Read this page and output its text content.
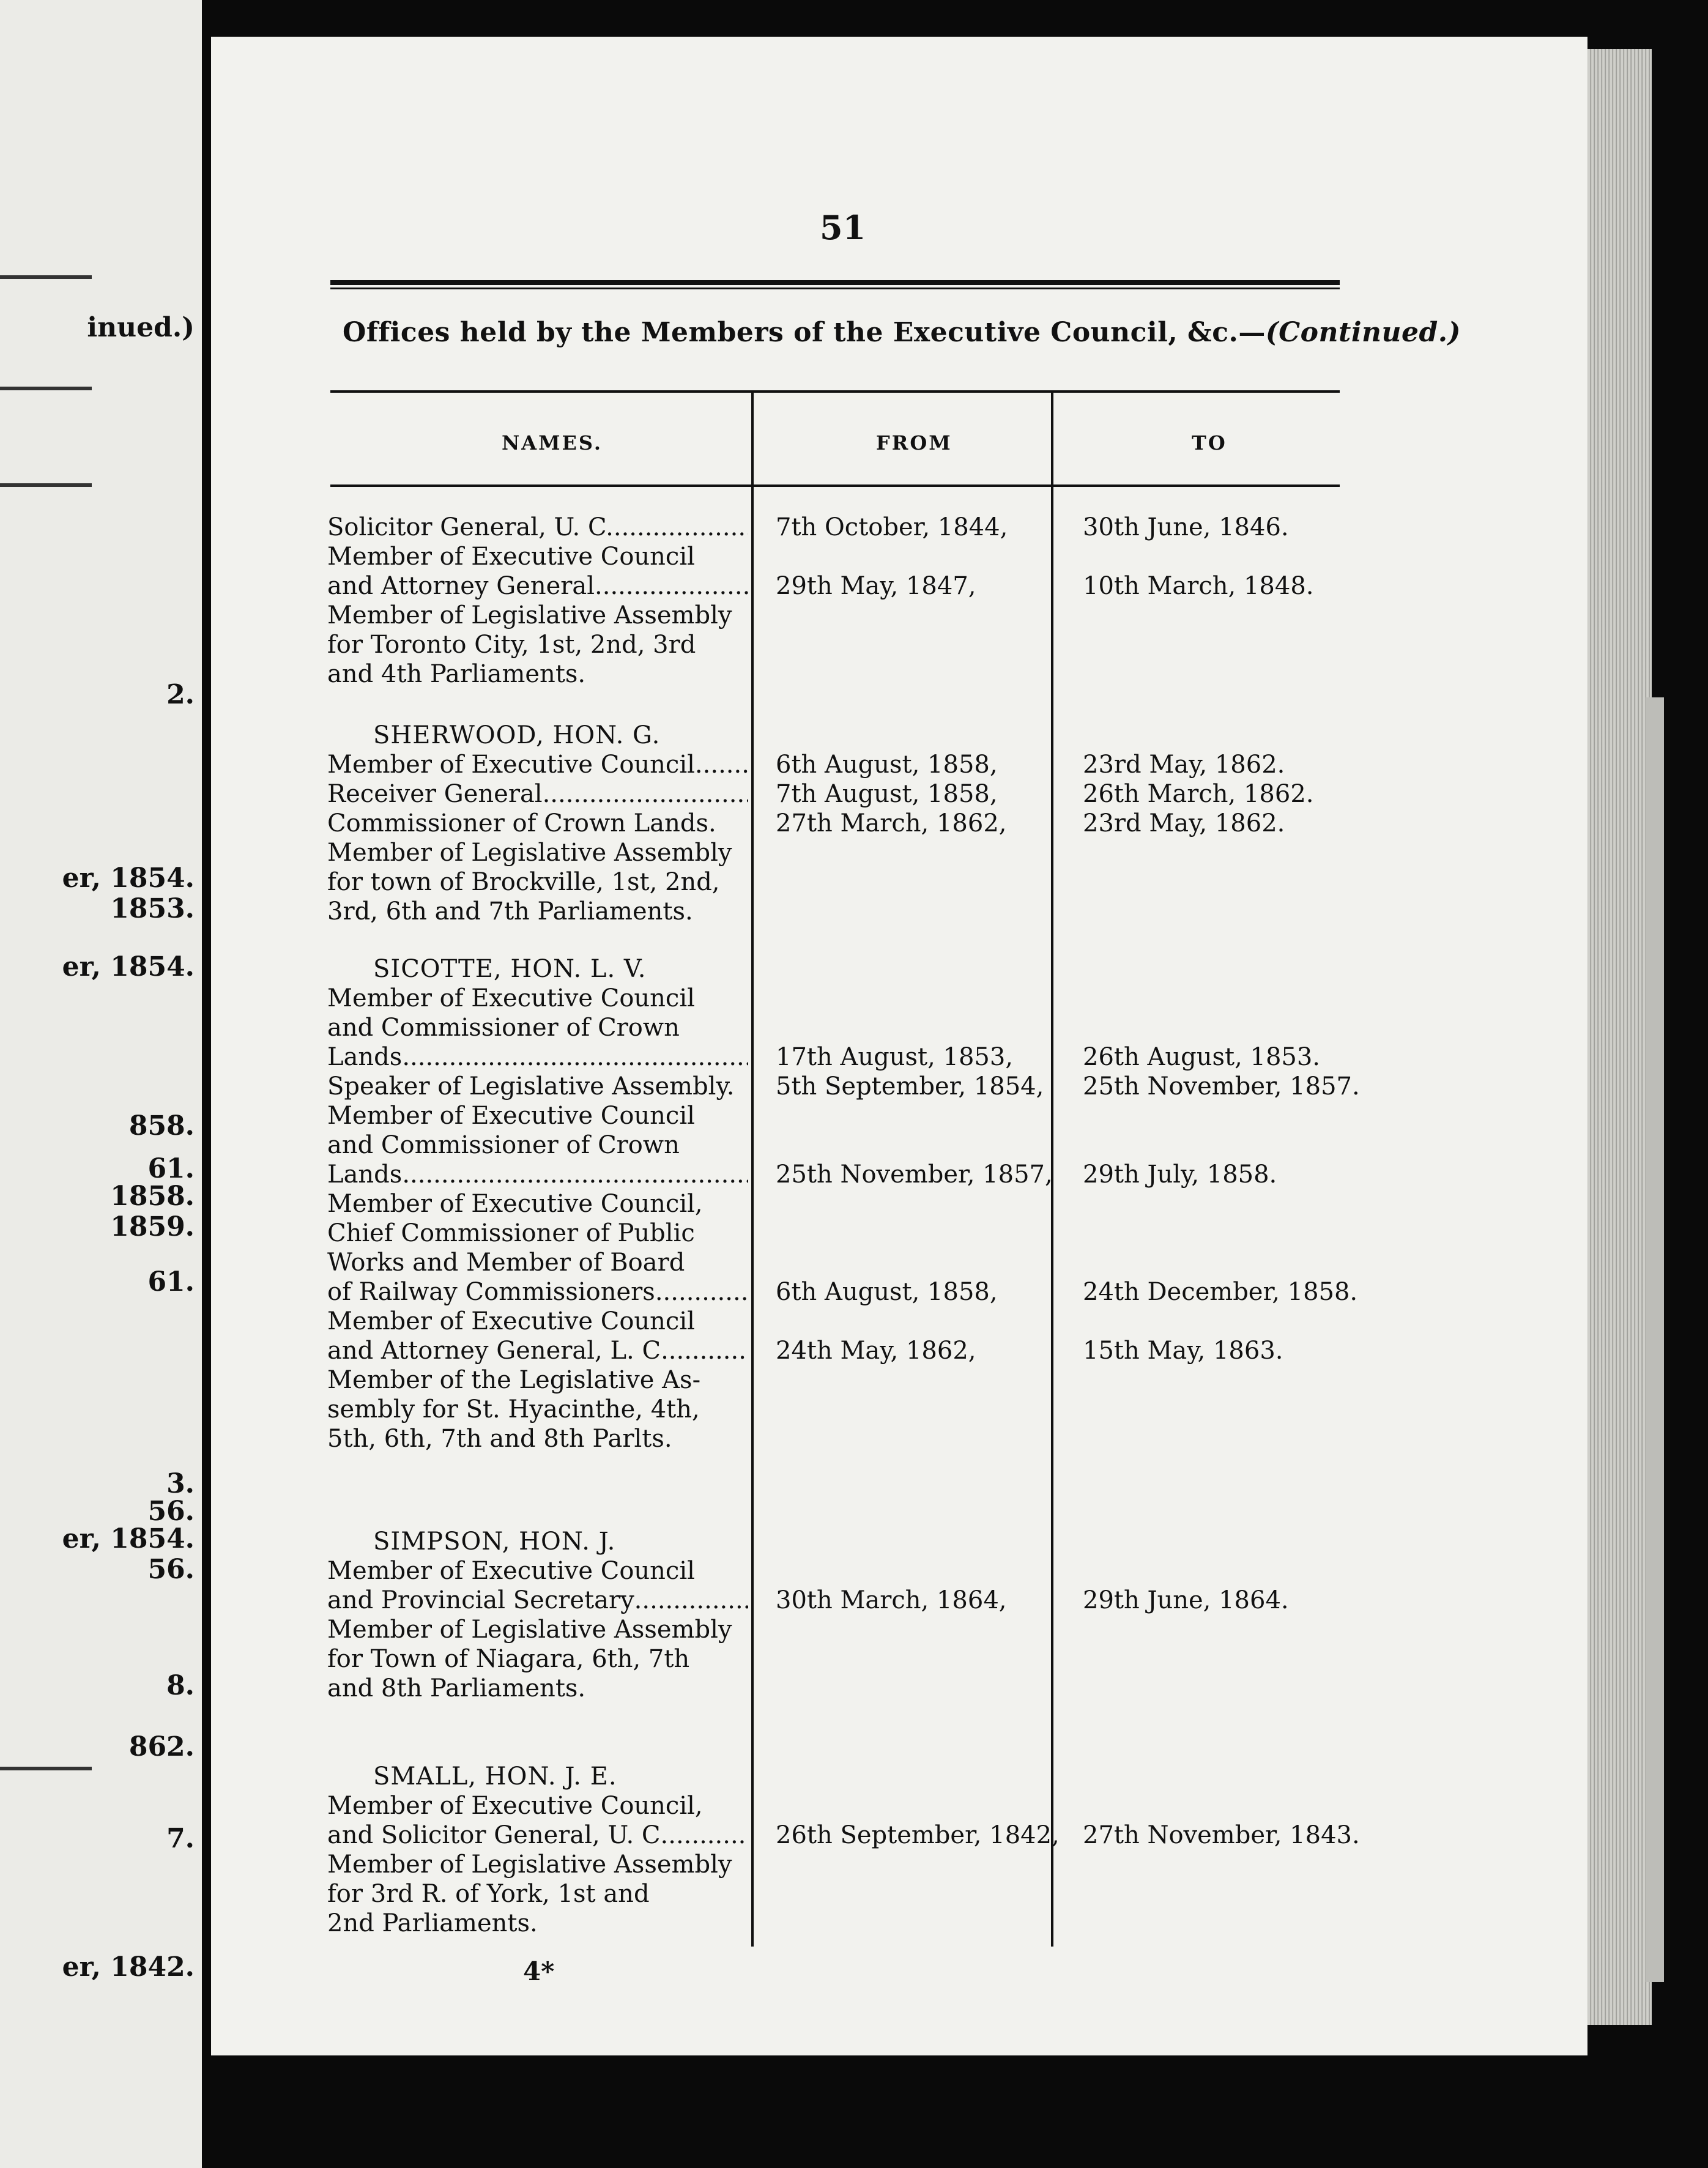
inued.)
2.
er, 1854.
1853.
er, 1854.
858.
61.
1858.
1859.
61.
3.
56.
er, 1854.
56.
8.
862.
7.
er, 1842.
51
Offices held by the Members of the Executive Council, &c.—(Continued.)
NAMES.	FROM	TO
Solicitor General, U. C. .....	7th October, 1844,	30th June, 1846.
Member of Executive Council
and Attorney General .....	29th May, 1847,	10th March, 1848.
Member of Legislative Assembly
for Toronto City, 1st, 2nd, 3rd
and 4th Parliaments.
SHERWOOD, HON. G.
Member of Executive Council .....	6th August, 1858,	23rd May, 1862.
Receiver General .....	7th August, 1858,	26th March, 1862.
Commissioner of Crown Lands.	27th March, 1862,	23rd May, 1862.
Member of Legislative Assembly
for town of Brockville, 1st, 2nd,
3rd, 6th and 7th Parliaments.
SICOTTE, HON. L. V.
Member of Executive Council
and Commissioner of Crown
Lands .....	17th August, 1853,	26th August, 1853.
Speaker of Legislative Assembly.	5th September, 1854, 25th November, 1857.
Member of Executive Council
and Commissioner of Crown
Lands .....	25th November, 1857, 29th July, 1858.
Member of Executive Council,
Chief Commissioner of Public
Works and Member of Board
of Railway Commissioners .....	6th August, 1858,	24th December, 1858.
Member of Executive Council
and Attorney General, L. C .....	24th May, 1862,	15th May, 1863.
Member of the Legislative As-
sembly for St. Hyacinthe, 4th,
5th, 6th, 7th and 8th Parlts.
SIMPSON, HON. J.
Member of Executive Council
and Provincial Secretary .....	30th March, 1864,	29th June, 1864.
Member of Legislative Assembly
for Town of Niagara, 6th, 7th
and 8th Parliaments.
SMALL, HON. J. E.
Member of Executive Council,
and Solicitor General, U. C .....	26th September, 1842, 27th November, 1843.
Member of Legislative Assembly
for 3rd R. of York, 1st and
2nd Parliaments.
4*
